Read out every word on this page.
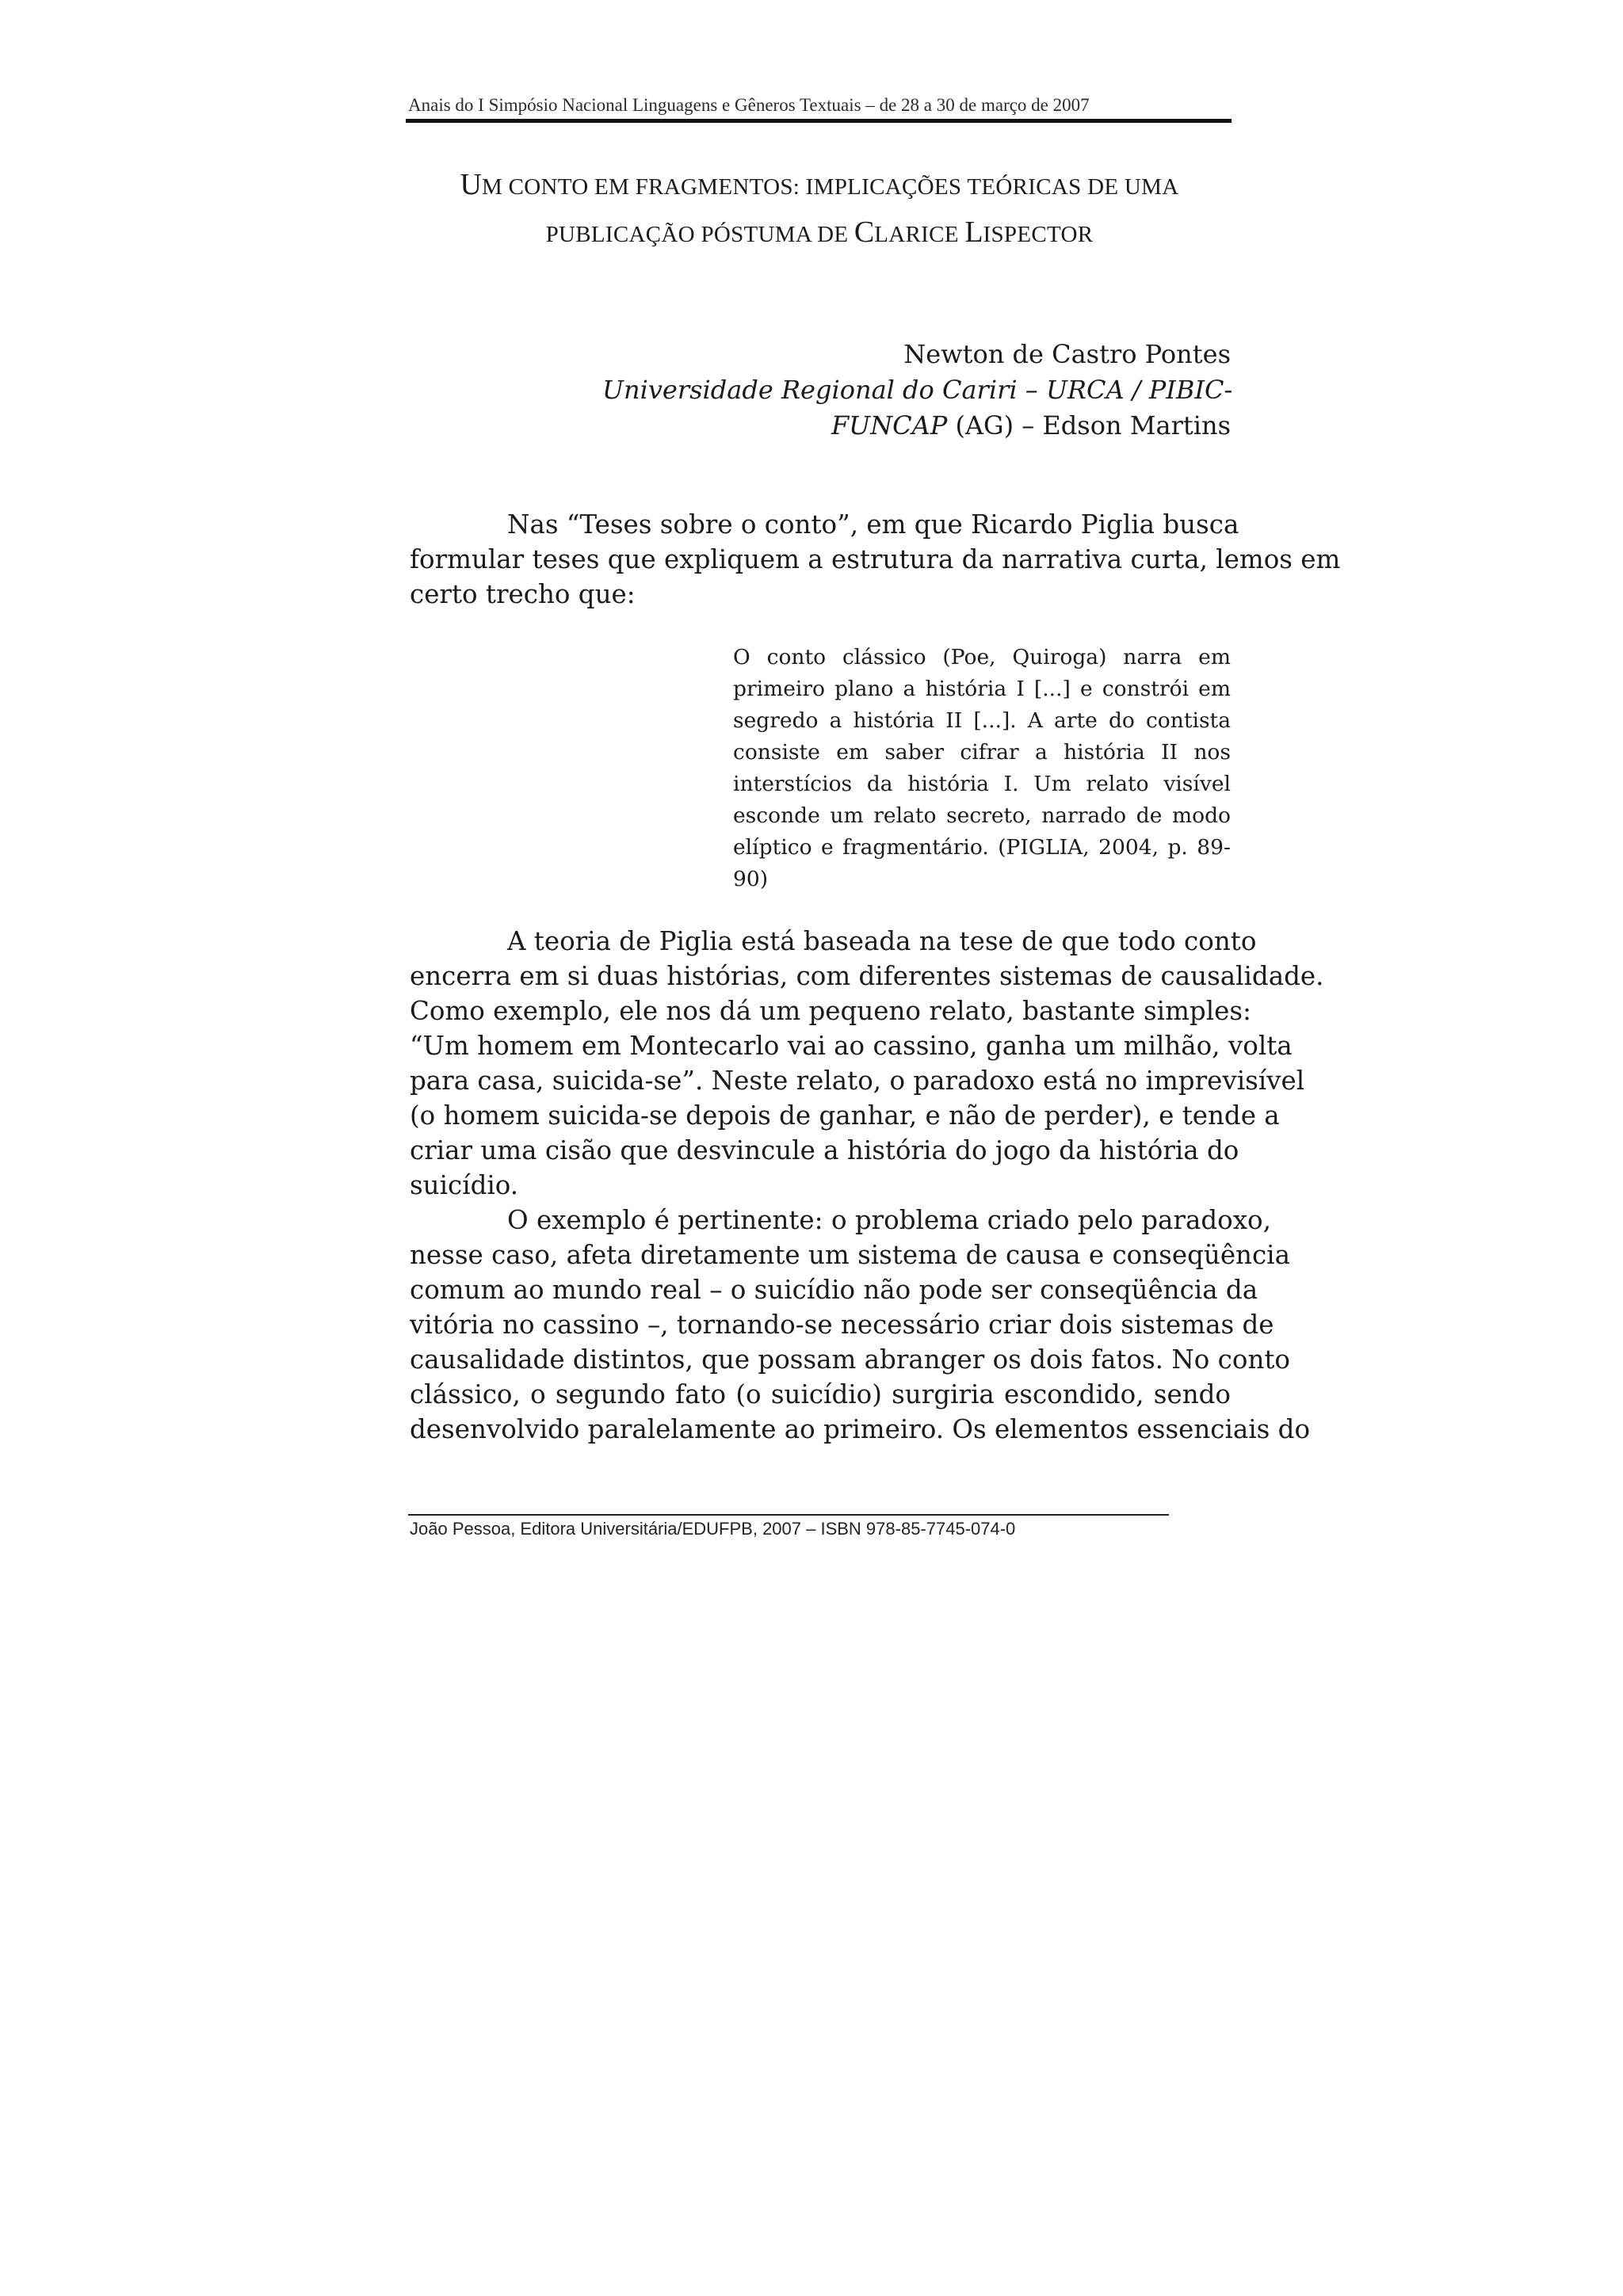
Anais do I Simpósio Nacional Linguagens e Gêneros Textuais – de 28 a 30 de março de 2007
UM CONTO EM FRAGMENTOS: IMPLICAÇÕES TEÓRICAS DE UMA
PUBLICAÇÃO PÓSTUMA DE CLARICE LISPECTOR
Newton de Castro Pontes
Universidade Regional do Cariri – URCA / PIBIC-
FUNCAP (AG) – Edson Martins
Nas “Teses sobre o conto”, em que Ricardo Piglia busca
formular teses que expliquem a estrutura da narrativa curta, lemos em
certo trecho que:
O conto clássico (Poe, Quiroga) narra em
primeiro plano a história I [...] e constrói em
segredo a história II [...]. A arte do contista
consiste em saber cifrar a história II nos
interstícios da história I. Um relato visível
esconde um relato secreto, narrado de modo
elíptico e fragmentário. (PIGLIA, 2004, p. 89-
90)
A teoria de Piglia está baseada na tese de que todo conto
encerra em si duas histórias, com diferentes sistemas de causalidade.
Como exemplo, ele nos dá um pequeno relato, bastante simples:
“Um homem em Montecarlo vai ao cassino, ganha um milhão, volta
para casa, suicida-se”. Neste relato, o paradoxo está no imprevisível
(o homem suicida-se depois de ganhar, e não de perder), e tende a
criar uma cisão que desvincule a história do jogo da história do
suicídio.
O exemplo é pertinente: o problema criado pelo paradoxo,
nesse caso, afeta diretamente um sistema de causa e conseqüência
comum ao mundo real – o suicídio não pode ser conseqüência da
vitória no cassino –, tornando-se necessário criar dois sistemas de
causalidade distintos, que possam abranger os dois fatos. No conto
clássico, o segundo fato (o suicídio) surgiria escondido, sendo
desenvolvido paralelamente ao primeiro. Os elementos essenciais do
João Pessoa, Editora Universitária/EDUFPB, 2007 – ISBN 978-85-7745-074-0
